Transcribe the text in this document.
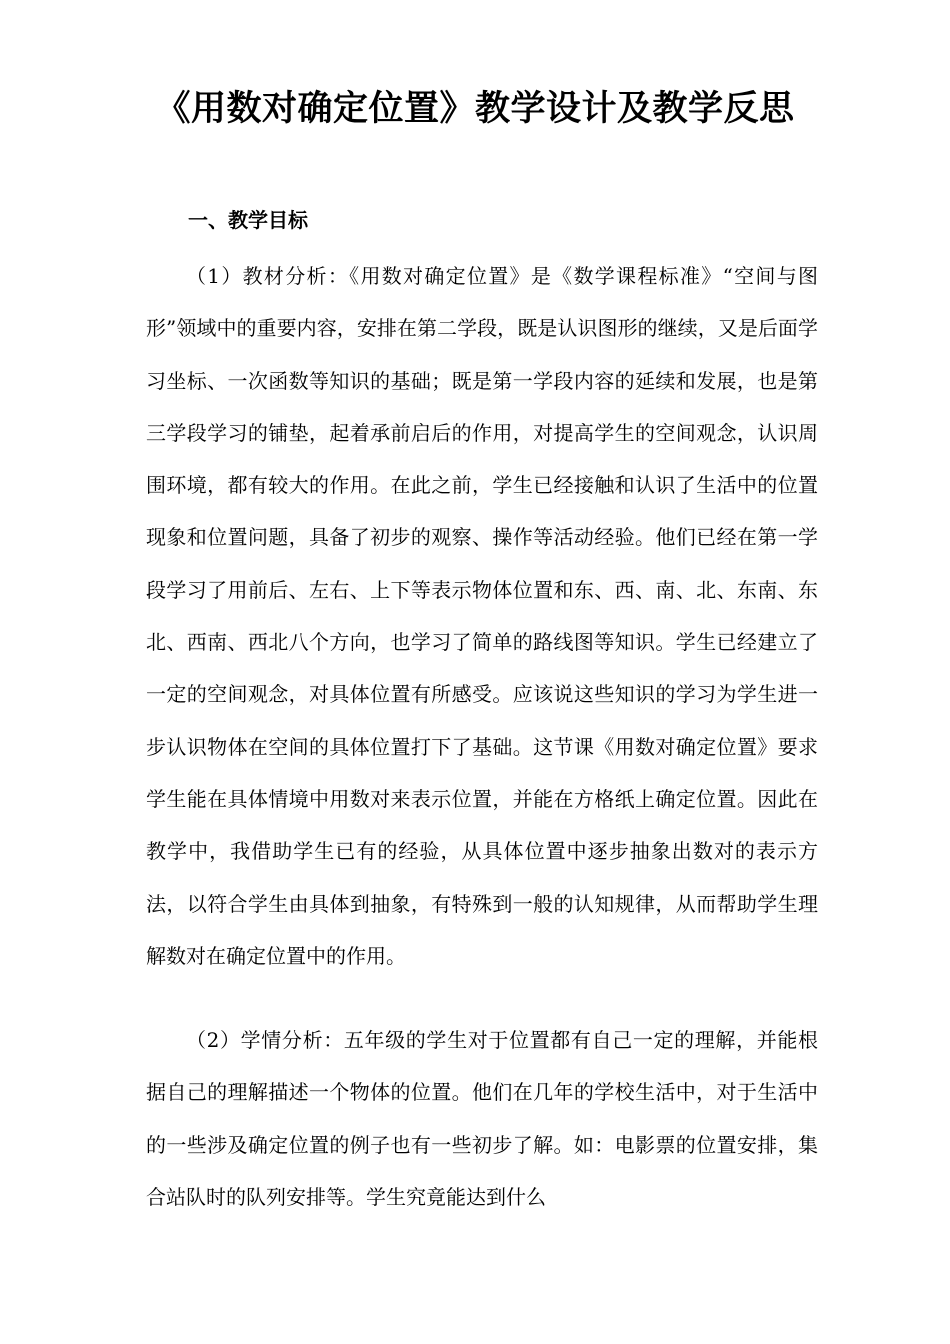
《用数对确定位置》教学设计及教学反思
一、教学目标

（1）教材分析：《用数对确定位置》是《数学课程标准》“空间与图形”领域中的重要内容，安排在第二学段，既是认识图形的继续，又是后面学习坐标、一次函数等知识的基础；既是第一学段内容的延续和发展，也是第三学段学习的铺垫，起着承前启后的作用，对提高学生的空间观念，认识周围环境，都有较大的作用。在此之前，学生已经接触和认识了生活中的位置现象和位置问题，具备了初步的观察、操作等活动经验。他们已经在第一学段学习了用前后、左右、上下等表示物体位置和东、西、南、北、东南、东北、西南、西北八个方向，也学习了简单的路线图等知识。学生已经建立了一定的空间观念，对具体位置有所感受。应该说这些知识的学习为学生进一步认识物体在空间的具体位置打下了基础。这节课《用数对确定位置》要求学生能在具体情境中用数对来表示位置，并能在方格纸上确定位置。因此在教学中，我借助学生已有的经验，从具体位置中逐步抽象出数对的表示方法，以符合学生由具体到抽象，有特殊到一般的认知规律，从而帮助学生理解数对在确定位置中的作用。

（2）学情分析：五年级的学生对于位置都有自己一定的理解，并能根据自己的理解描述一个物体的位置。他们在几年的学校生活中，对于生活中的一些涉及确定位置的例子也有一些初步了解。如：电影票的位置安排，集合站队时的队列安排等。学生究竟能达到什么
